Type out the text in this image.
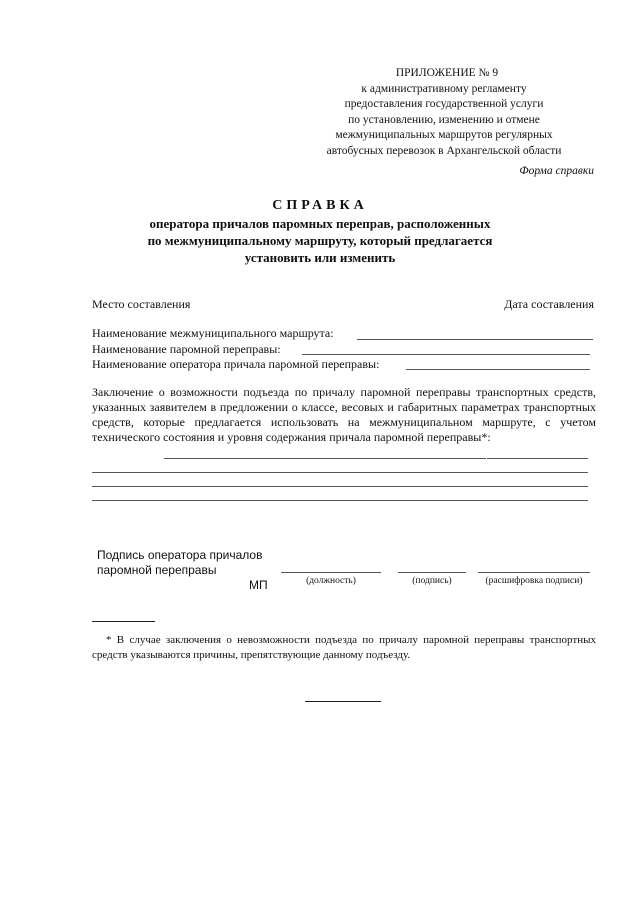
ПРИЛОЖЕНИЕ № 9
к административному регламенту
предоставления государственной услуги
по установлению, изменению и отмене
межмуниципальных маршрутов регулярных
автобусных перевозок в Архангельской области
Форма справки
СПРАВКА
оператора причалов паромных переправ, расположенных
по межмуниципальному маршруту, который предлагается
установить или изменить
Место составления	Дата составления
Наименование межмуниципального маршрута:
Наименование паромной переправы:
Наименование оператора причала паромной переправы:
Заключение о возможности подъезда по причалу паромной переправы транспортных средств, указанных заявителем в предложении о классе, весовых и габаритных параметрах транспортных средств, которые предлагается использовать на межмуниципальном маршруте, с учетом технического состояния и уровня содержания причала паромной переправы*:
Подпись оператора причалов
паромной переправы
МП	(должность)	(подпись)	(расшифровка подписи)
* В случае заключения о невозможности подъезда по причалу паромной переправы транспортных средств указываются причины, препятствующие данному подъезду.
